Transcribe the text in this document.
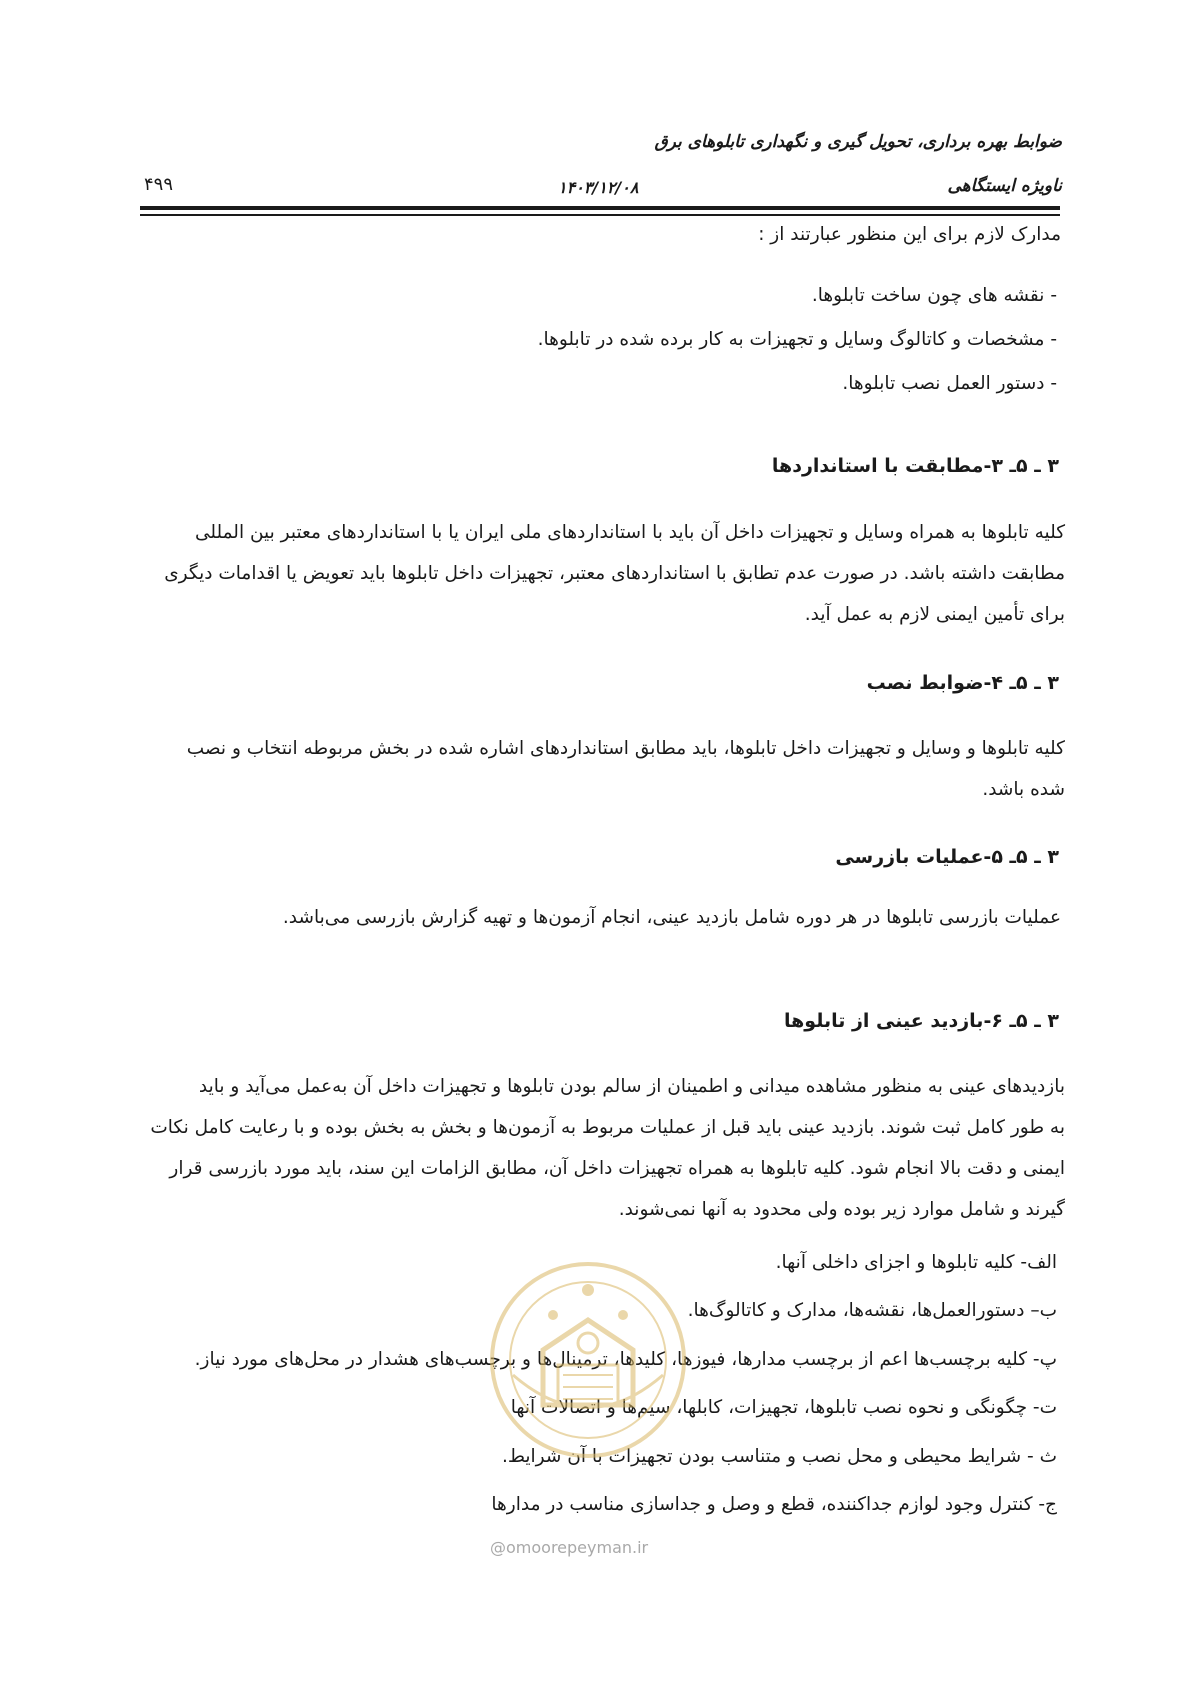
ضوابط بهره برداری، تحویل گیری و نگهداری تابلوهای برق
ناویژه ایستگاهی
۱۴۰۳/۱۲/۰۸
۴۹۹
مدارک لازم برای این منظور عبارتند از :
- نقشه های چون ساخت تابلوها.
- مشخصات و کاتالوگ وسایل و تجهیزات به کار برده شده در تابلوها.
- دستور العمل نصب تابلوها.
۳ ـ ۵ـ ۳-مطابقت با استانداردها
کلیه تابلوها به همراه وسایل و تجهیزات داخل آن باید با استانداردهای ملی ایران یا با استانداردهای معتبر بین المللی
مطابقت داشته باشد. در صورت عدم تطابق با استانداردهای معتبر، تجهیزات داخل تابلوها باید تعویض یا اقدامات دیگری
برای تأمین ایمنی لازم به عمل آید.
۳ ـ ۵ـ ۴-ضوابط نصب
کلیه تابلوها و وسایل و تجهیزات داخل تابلوها، باید مطابق استانداردهای اشاره شده در بخش مربوطه انتخاب و نصب
شده باشد.
۳ ـ ۵ـ ۵-عملیات بازرسی
عملیات بازرسی تابلوها در هر دوره شامل بازدید عینی، انجام آزمون‌ها و تهیه گزارش بازرسی می‌باشد.
۳ ـ ۵ـ ۶-بازدید عینی از تابلوها
بازدیدهای عینی به منظور مشاهده میدانی و اطمینان از سالم بودن تابلوها و تجهیزات داخل آن به‌عمل می‌آید و باید
به طور کامل ثبت شوند. بازدید عینی باید قبل از عملیات مربوط به آزمون‌ها و بخش به بخش بوده و با رعایت کامل نکات
ایمنی و دقت بالا انجام شود. کلیه تابلوها به همراه تجهیزات داخل آن، مطابق الزامات این سند، باید مورد بازرسی قرار
گیرند و شامل موارد زیر بوده ولی محدود به آنها نمی‌شوند.
الف- کلیه تابلوها و اجزای داخلی آنها.
ب– دستورالعمل‌ها، نقشه‌ها، مدارک و کاتالوگ‌ها.
پ- کلیه برچسب‌ها اعم از برچسب مدارها، فیوزها، کلیدها، ترمینال‌ها و برچسب‌های هشدار در محل‌های مورد نیاز.
ت- چگونگی و نحوه نصب تابلوها، تجهیزات، کابلها، سیم‌ها و اتصالات آنها
ث - شرایط محیطی و محل نصب و متناسب بودن تجهیزات با آن شرایط.
ج- کنترل وجود لوازم جداکننده، قطع و وصل و جداسازی مناسب در مدارها
@omoorepeyman.ir
